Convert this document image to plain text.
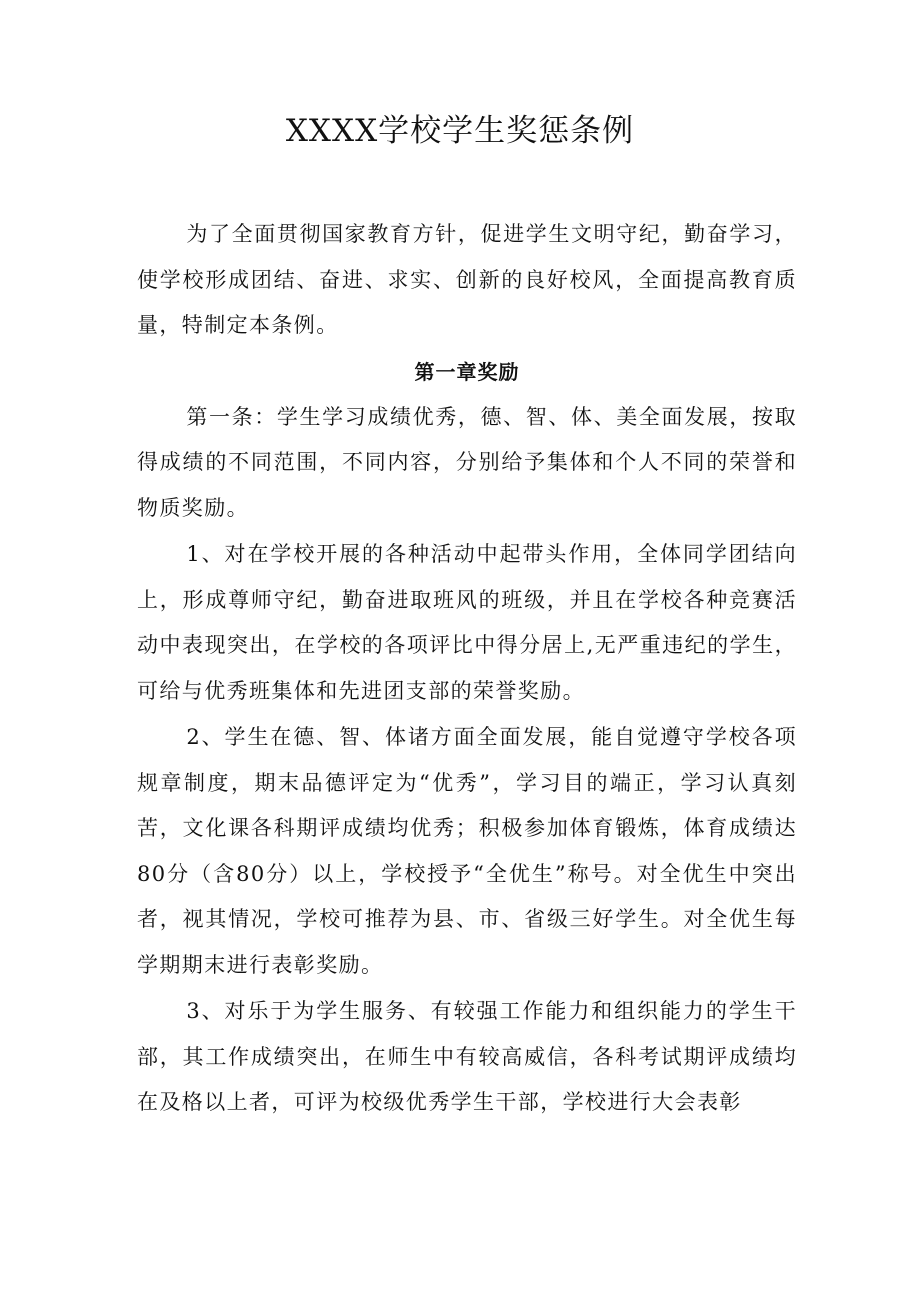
XXXX学校学生奖惩条例

为了全面贯彻国家教育方针，促进学生文明守纪，勤奋学习，使学校形成团结、奋进、求实、创新的良好校风，全面提高教育质量，特制定本条例。

第一章奖励

第一条：学生学习成绩优秀，德、智、体、美全面发展，按取得成绩的不同范围，不同内容，分别给予集体和个人不同的荣誉和物质奖励。

1、对在学校开展的各种活动中起带头作用，全体同学团结向上，形成尊师守纪，勤奋进取班风的班级，并且在学校各种竞赛活动中表现突出，在学校的各项评比中得分居上,无严重违纪的学生，可给与优秀班集体和先进团支部的荣誉奖励。

2、学生在德、智、体诸方面全面发展，能自觉遵守学校各项规章制度，期末品德评定为“优秀”，学习目的端正，学习认真刻苦，文化课各科期评成绩均优秀；积极参加体育锻炼，体育成绩达80分（含80分）以上，学校授予“全优生”称号。对全优生中突出者，视其情况，学校可推荐为县、市、省级三好学生。对全优生每学期期末进行表彰奖励。

3、对乐于为学生服务、有较强工作能力和组织能力的学生干部，其工作成绩突出，在师生中有较高威信，各科考试期评成绩均在及格以上者，可评为校级优秀学生干部，学校进行大会表彰
